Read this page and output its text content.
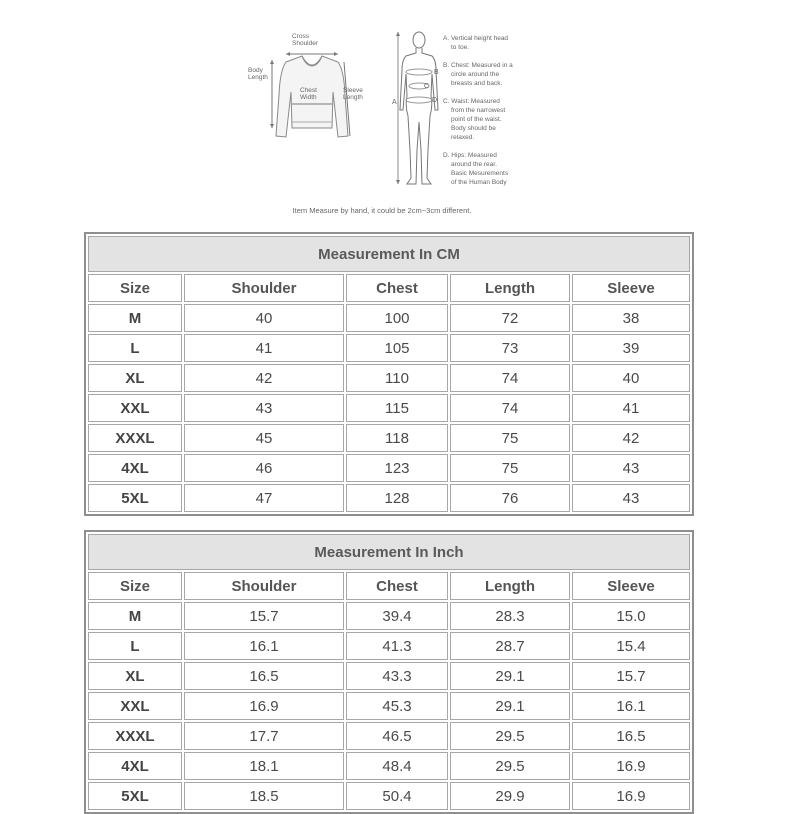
Cross Shoulder
Body Length
Chest Width
Sleeve Length
A
B
C
D
A. Vertical height head to toe.
B. Chest: Measured in a circle around the breasts and back.
C. Waist: Measured from the narrowest point of the waist. Body should be relaxed.
D. Hips: Measured around the rear. Basic Mesurements of the Human Body
Item Measure by hand, it could be 2cm~3cm different.
Measurement In CM				
Size	Shoulder	Chest	Length	Sleeve
M	40	100	72	38
L	41	105	73	39
XL	42	110	74	40
XXL	43	115	74	41
XXXL	45	118	75	42
4XL	46	123	75	43
5XL	47	128	76	43
Measurement In Inch				
Size	Shoulder	Chest	Length	Sleeve
M	15.7	39.4	28.3	15.0
L	16.1	41.3	28.7	15.4
XL	16.5	43.3	29.1	15.7
XXL	16.9	45.3	29.1	16.1
XXXL	17.7	46.5	29.5	16.5
4XL	18.1	48.4	29.5	16.9
5XL	18.5	50.4	29.9	16.9
